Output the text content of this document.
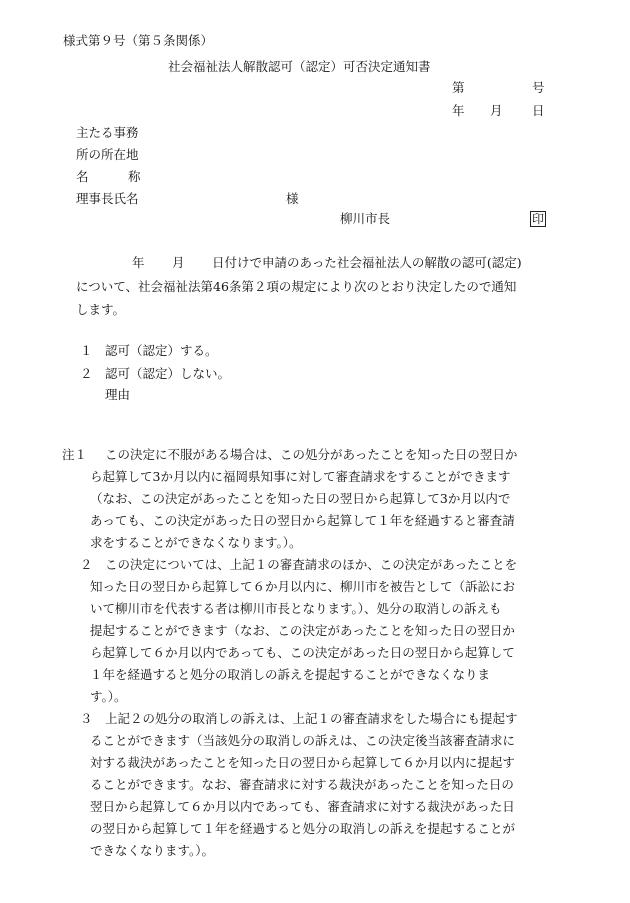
様式第９号（第５条関係）
社会福祉法人解散認可（認定）可否決定通知書
第	号
年 月 日
主たる事務
所の所在地
名	称
理事長氏名	様
柳川市長	印
年 月 日付けで申請のあった社会福祉法人の解散の認可(認定)
について、社会福祉法第46条第２項の規定により次のとおり決定したので通知
します。
１ 認可（認定）する。
２ 認可（認定）しない。
理由
注１ この決定に不服がある場合は、この処分があったことを知った日の翌日か
ら起算して3か月以内に福岡県知事に対して審査請求をすることができます
（なお、この決定があったことを知った日の翌日から起算して3か月以内で
あっても、この決定があった日の翌日から起算して１年を経過すると審査請
求をすることができなくなります。）。
２ この決定については、上記１の審査請求のほか、この決定があったことを
知った日の翌日から起算して６か月以内に、柳川市を被告として（訴訟にお
いて柳川市を代表する者は柳川市長となります。）、処分の取消しの訴えも
提起することができます（なお、この決定があったことを知った日の翌日か
ら起算して６か月以内であっても、この決定があった日の翌日から起算して
１年を経過すると処分の取消しの訴えを提起することができなくなりま
す。）。
３ 上記２の処分の取消しの訴えは、上記１の審査請求をした場合にも提起す
ることができます（当該処分の取消しの訴えは、この決定後当該審査請求に
対する裁決があったことを知った日の翌日から起算して６か月以内に提起す
ることができます。なお、審査請求に対する裁決があったことを知った日の
翌日から起算して６か月以内であっても、審査請求に対する裁決があった日
の翌日から起算して１年を経過すると処分の取消しの訴えを提起することが
できなくなります。）。
